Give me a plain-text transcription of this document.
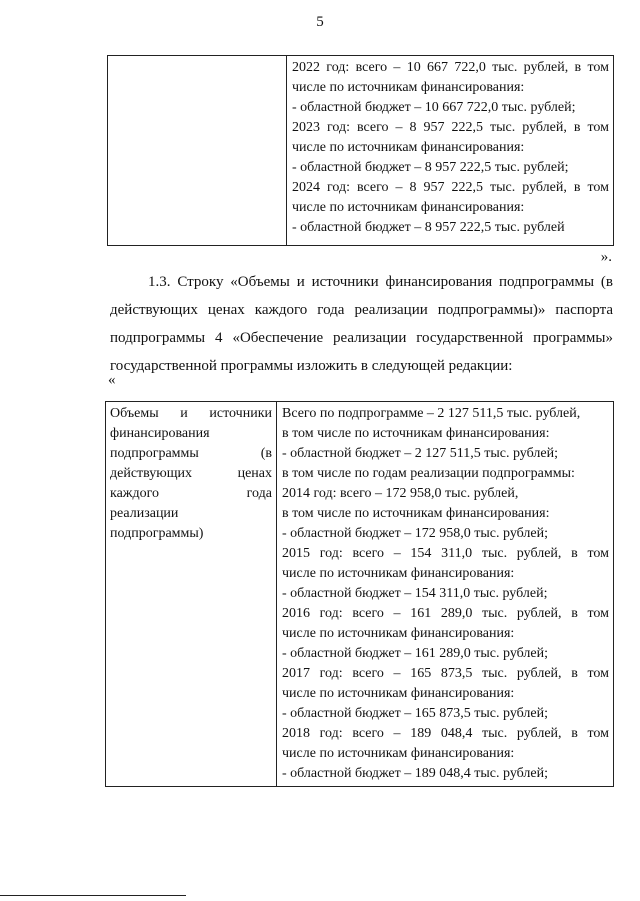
5

2022 год: всего – 10 667 722,0 тыс. рублей, в том
числе по источникам финансирования:
- областной бюджет – 10 667 722,0 тыс. рублей;
2023 год: всего – 8 957 222,5 тыс. рублей, в том
числе по источникам финансирования:
- областной бюджет – 8 957 222,5 тыс. рублей;
2024 год: всего – 8 957 222,5 тыс. рублей, в том
числе по источникам финансирования:
- областной бюджет – 8 957 222,5 тыс. рублей
».
1.3. Строку «Объемы и источники финансирования подпрограммы (в
действующих ценах каждого года реализации подпрограммы)» паспорта
подпрограммы 4 «Обеспечение реализации государственной программы»
государственной программы изложить в следующей редакции:
«
Объемы и источники
финансирования
подпрограммы (в
действующих ценах
каждого года
реализации
подпрограммы)

Всего по подпрограмме – 2 127 511,5 тыс. рублей,
в том числе по источникам финансирования:
- областной бюджет – 2 127 511,5 тыс. рублей;
в том числе по годам реализации подпрограммы:
2014 год: всего – 172 958,0 тыс. рублей,
в том числе по источникам финансирования:
- областной бюджет – 172 958,0 тыс. рублей;
2015 год: всего – 154 311,0 тыс. рублей, в том
числе по источникам финансирования:
- областной бюджет – 154 311,0 тыс. рублей;
2016 год: всего – 161 289,0 тыс. рублей, в том
числе по источникам финансирования:
- областной бюджет – 161 289,0 тыс. рублей;
2017 год: всего – 165 873,5 тыс. рублей, в том
числе по источникам финансирования:
- областной бюджет – 165 873,5 тыс. рублей;
2018 год: всего – 189 048,4 тыс. рублей, в том
числе по источникам финансирования:
- областной бюджет – 189 048,4 тыс. рублей;
